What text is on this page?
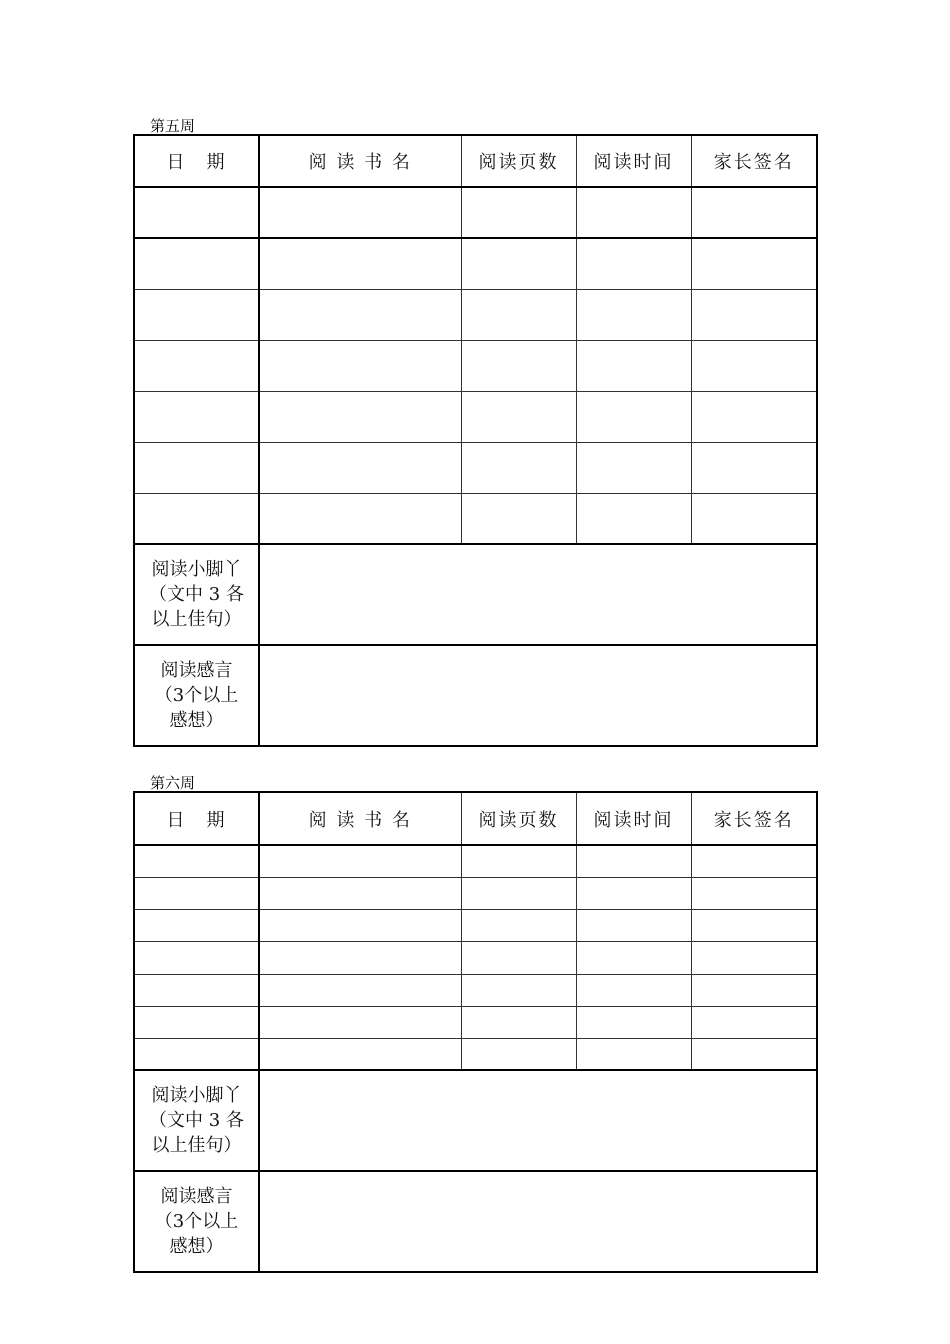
第五周
日　期	阅 读 书 名	阅读页数	阅读时间	家长签名

阅读小脚丫
（文中 3 各
以上佳句）				

阅读感言
（3个以上
感想）				

第六周
日　期	阅 读 书 名	阅读页数	阅读时间	家长签名

阅读小脚丫
（文中 3 各
以上佳句）				

阅读感言
（3个以上
感想）				
